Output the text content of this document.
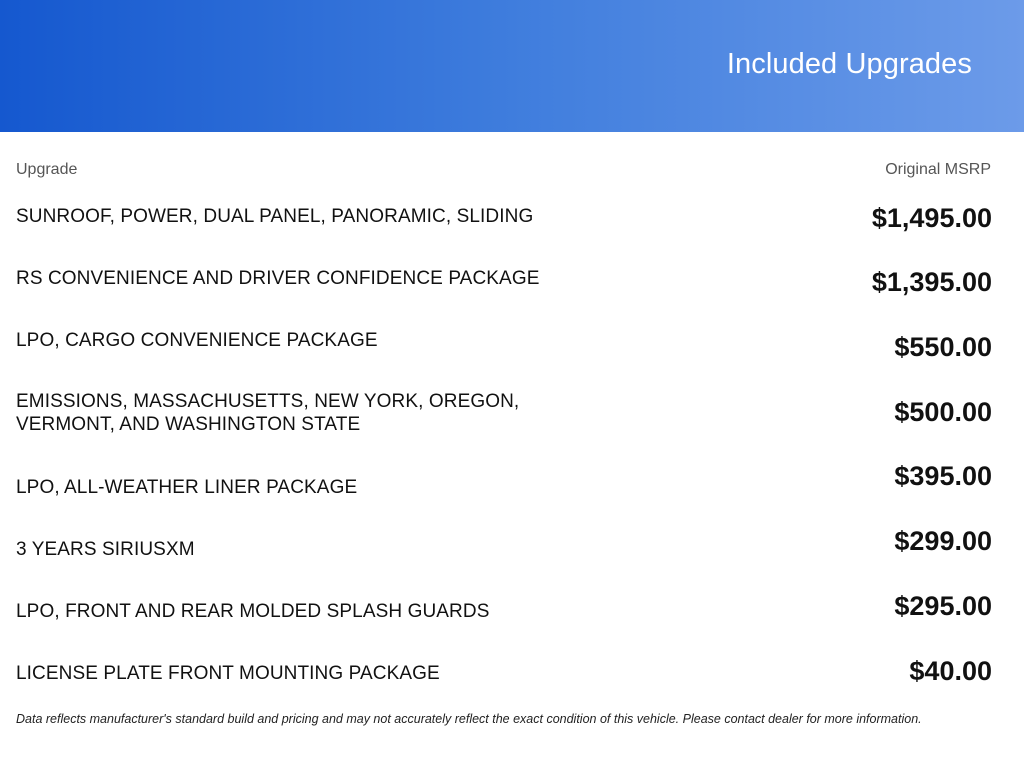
Included Upgrades
Upgrade	Original MSRP
SUNROOF, POWER, DUAL PANEL, PANORAMIC, SLIDING	$1,495.00
RS CONVENIENCE AND DRIVER CONFIDENCE PACKAGE	$1,395.00
LPO, CARGO CONVENIENCE PACKAGE	$550.00
EMISSIONS, MASSACHUSETTS, NEW YORK, OREGON, VERMONT, AND WASHINGTON STATE	$500.00
LPO, ALL-WEATHER LINER PACKAGE	$395.00
3 YEARS SIRIUSXM	$299.00
LPO, FRONT AND REAR MOLDED SPLASH GUARDS	$295.00
LICENSE PLATE FRONT MOUNTING PACKAGE	$40.00
Data reflects manufacturer's standard build and pricing and may not accurately reflect the exact condition of this vehicle. Please contact dealer for more information.
